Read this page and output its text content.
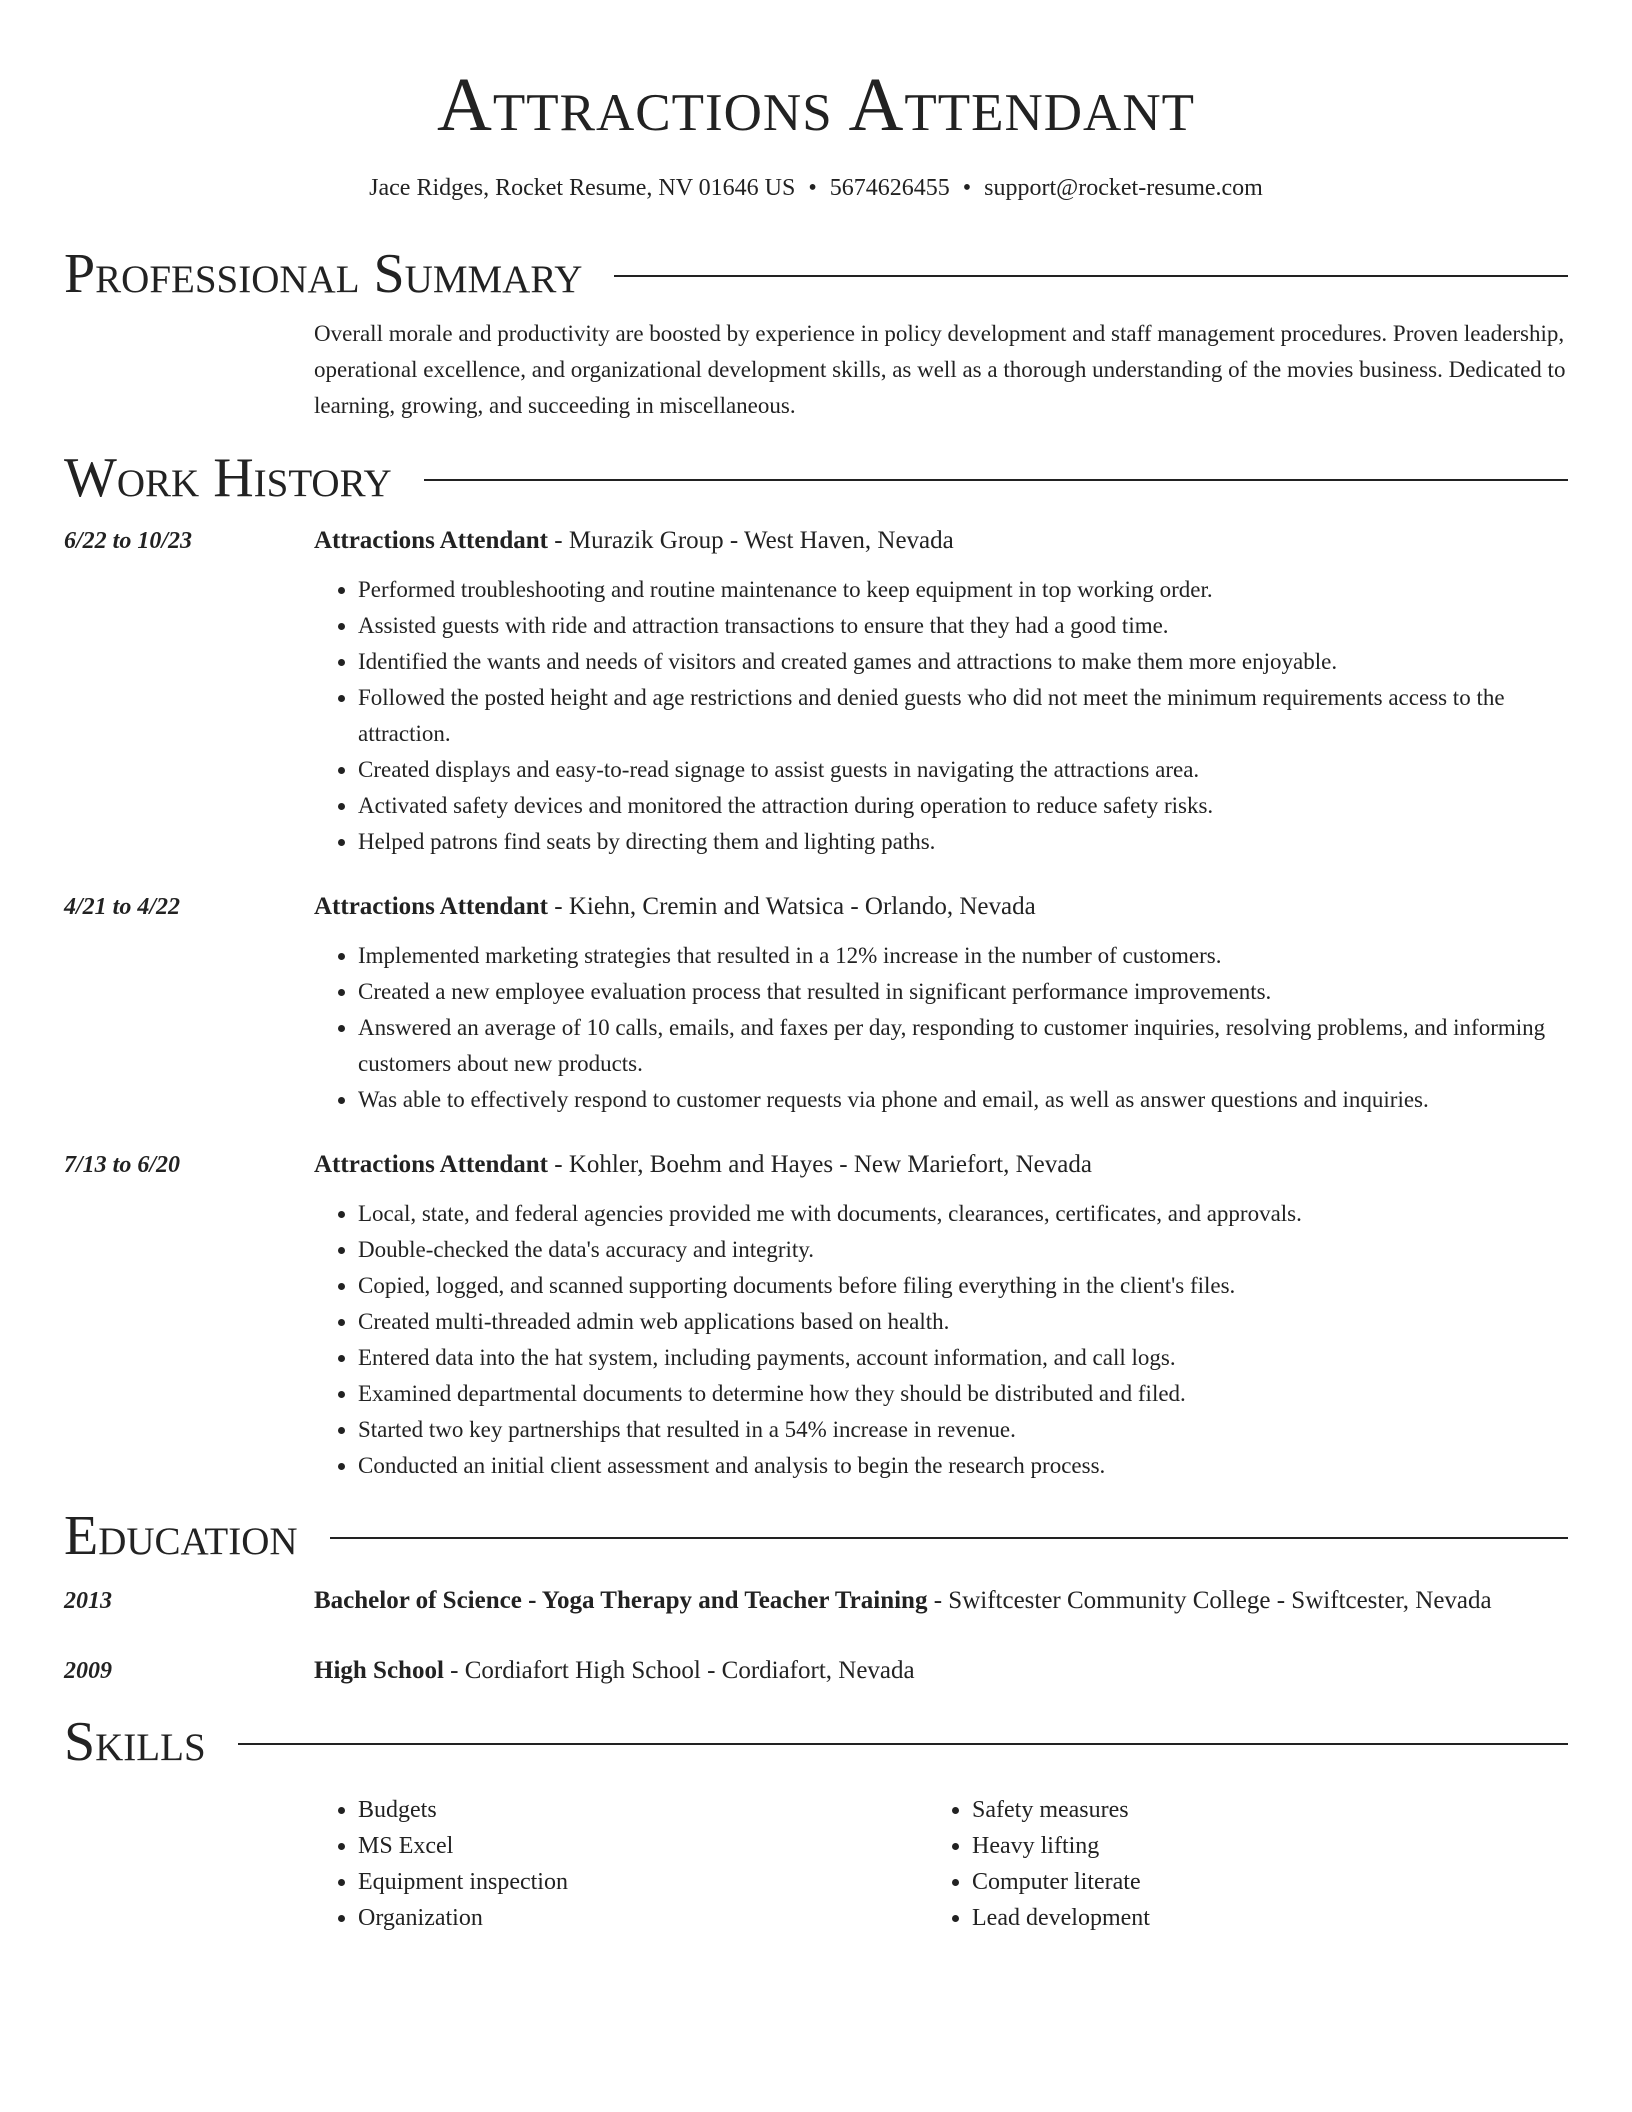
Attractions Attendant
Jace Ridges, Rocket Resume, NV 01646 US • 5674626455 • support@rocket-resume.com
Professional Summary
Overall morale and productivity are boosted by experience in policy development and staff management procedures. Proven leadership, operational excellence, and organizational development skills, as well as a thorough understanding of the movies business. Dedicated to learning, growing, and succeeding in miscellaneous.
Work History
6/22 to 10/23	Attractions Attendant - Murazik Group - West Haven, Nevada
• Performed troubleshooting and routine maintenance to keep equipment in top working order.
• Assisted guests with ride and attraction transactions to ensure that they had a good time.
• Identified the wants and needs of visitors and created games and attractions to make them more enjoyable.
• Followed the posted height and age restrictions and denied guests who did not meet the minimum requirements access to the attraction.
• Created displays and easy-to-read signage to assist guests in navigating the attractions area.
• Activated safety devices and monitored the attraction during operation to reduce safety risks.
• Helped patrons find seats by directing them and lighting paths.
4/21 to 4/22	Attractions Attendant - Kiehn, Cremin and Watsica - Orlando, Nevada
• Implemented marketing strategies that resulted in a 12% increase in the number of customers.
• Created a new employee evaluation process that resulted in significant performance improvements.
• Answered an average of 10 calls, emails, and faxes per day, responding to customer inquiries, resolving problems, and informing customers about new products.
• Was able to effectively respond to customer requests via phone and email, as well as answer questions and inquiries.
7/13 to 6/20	Attractions Attendant - Kohler, Boehm and Hayes - New Mariefort, Nevada
• Local, state, and federal agencies provided me with documents, clearances, certificates, and approvals.
• Double-checked the data's accuracy and integrity.
• Copied, logged, and scanned supporting documents before filing everything in the client's files.
• Created multi-threaded admin web applications based on health.
• Entered data into the hat system, including payments, account information, and call logs.
• Examined departmental documents to determine how they should be distributed and filed.
• Started two key partnerships that resulted in a 54% increase in revenue.
• Conducted an initial client assessment and analysis to begin the research process.
Education
2013	Bachelor of Science - Yoga Therapy and Teacher Training - Swiftcester Community College - Swiftcester, Nevada
2009	High School - Cordiafort High School - Cordiafort, Nevada
Skills
• Budgets
• MS Excel
• Equipment inspection
• Organization
• Safety measures
• Heavy lifting
• Computer literate
• Lead development
